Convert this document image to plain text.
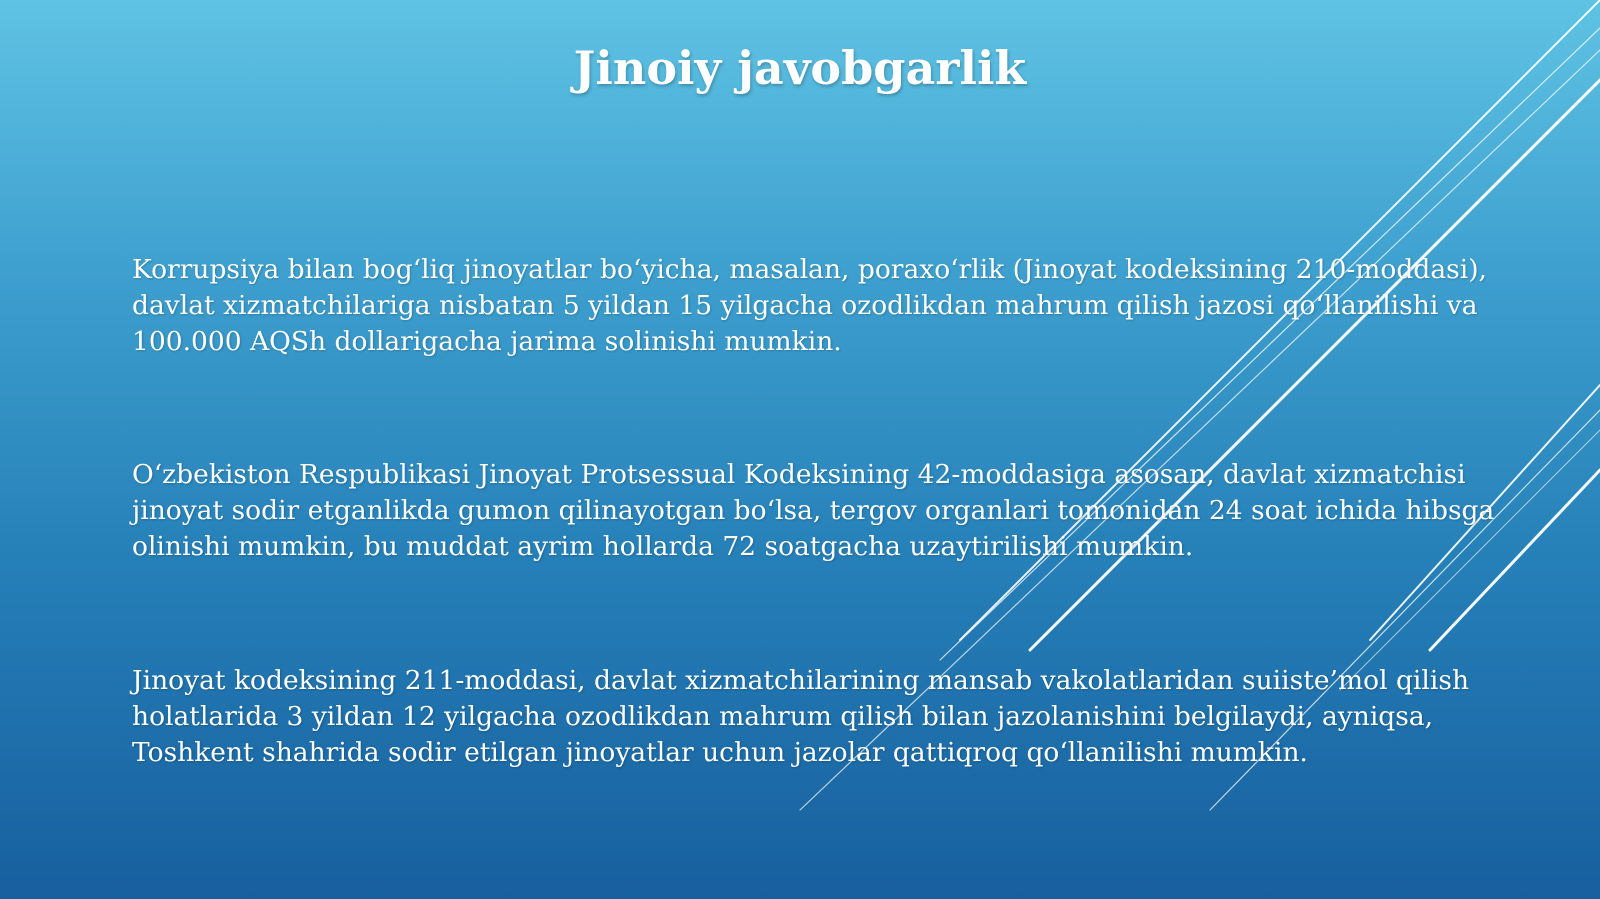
Jinoiy javobgarlik

Korrupsiya bilan bog‘liq jinoyatlar bo‘yicha, masalan, poraxo‘rlik (Jinoyat kodeksining 210-moddasi), davlat xizmatchilariga nisbatan 5 yildan 15 yilgacha ozodlikdan mahrum qilish jazosi qo‘llanilishi va 100.000 AQSh dollarigacha jarima solinishi mumkin.

O‘zbekiston Respublikasi Jinoyat Protsessual Kodeksining 42-moddasiga asosan, davlat xizmatchisi jinoyat sodir etganlikda gumon qilinayotgan bo‘lsa, tergov organlari tomonidan 24 soat ichida hibsga olinishi mumkin, bu muddat ayrim hollarda 72 soatgacha uzaytirilishi mumkin.

Jinoyat kodeksining 211-moddasi, davlat xizmatchilarining mansab vakolatlaridan suiiste’mol qilish holatlarida 3 yildan 12 yilgacha ozodlikdan mahrum qilish bilan jazolanishini belgilaydi, ayniqsa, Toshkent shahrida sodir etilgan jinoyatlar uchun jazolar qattiqroq qo‘llanilishi mumkin.
